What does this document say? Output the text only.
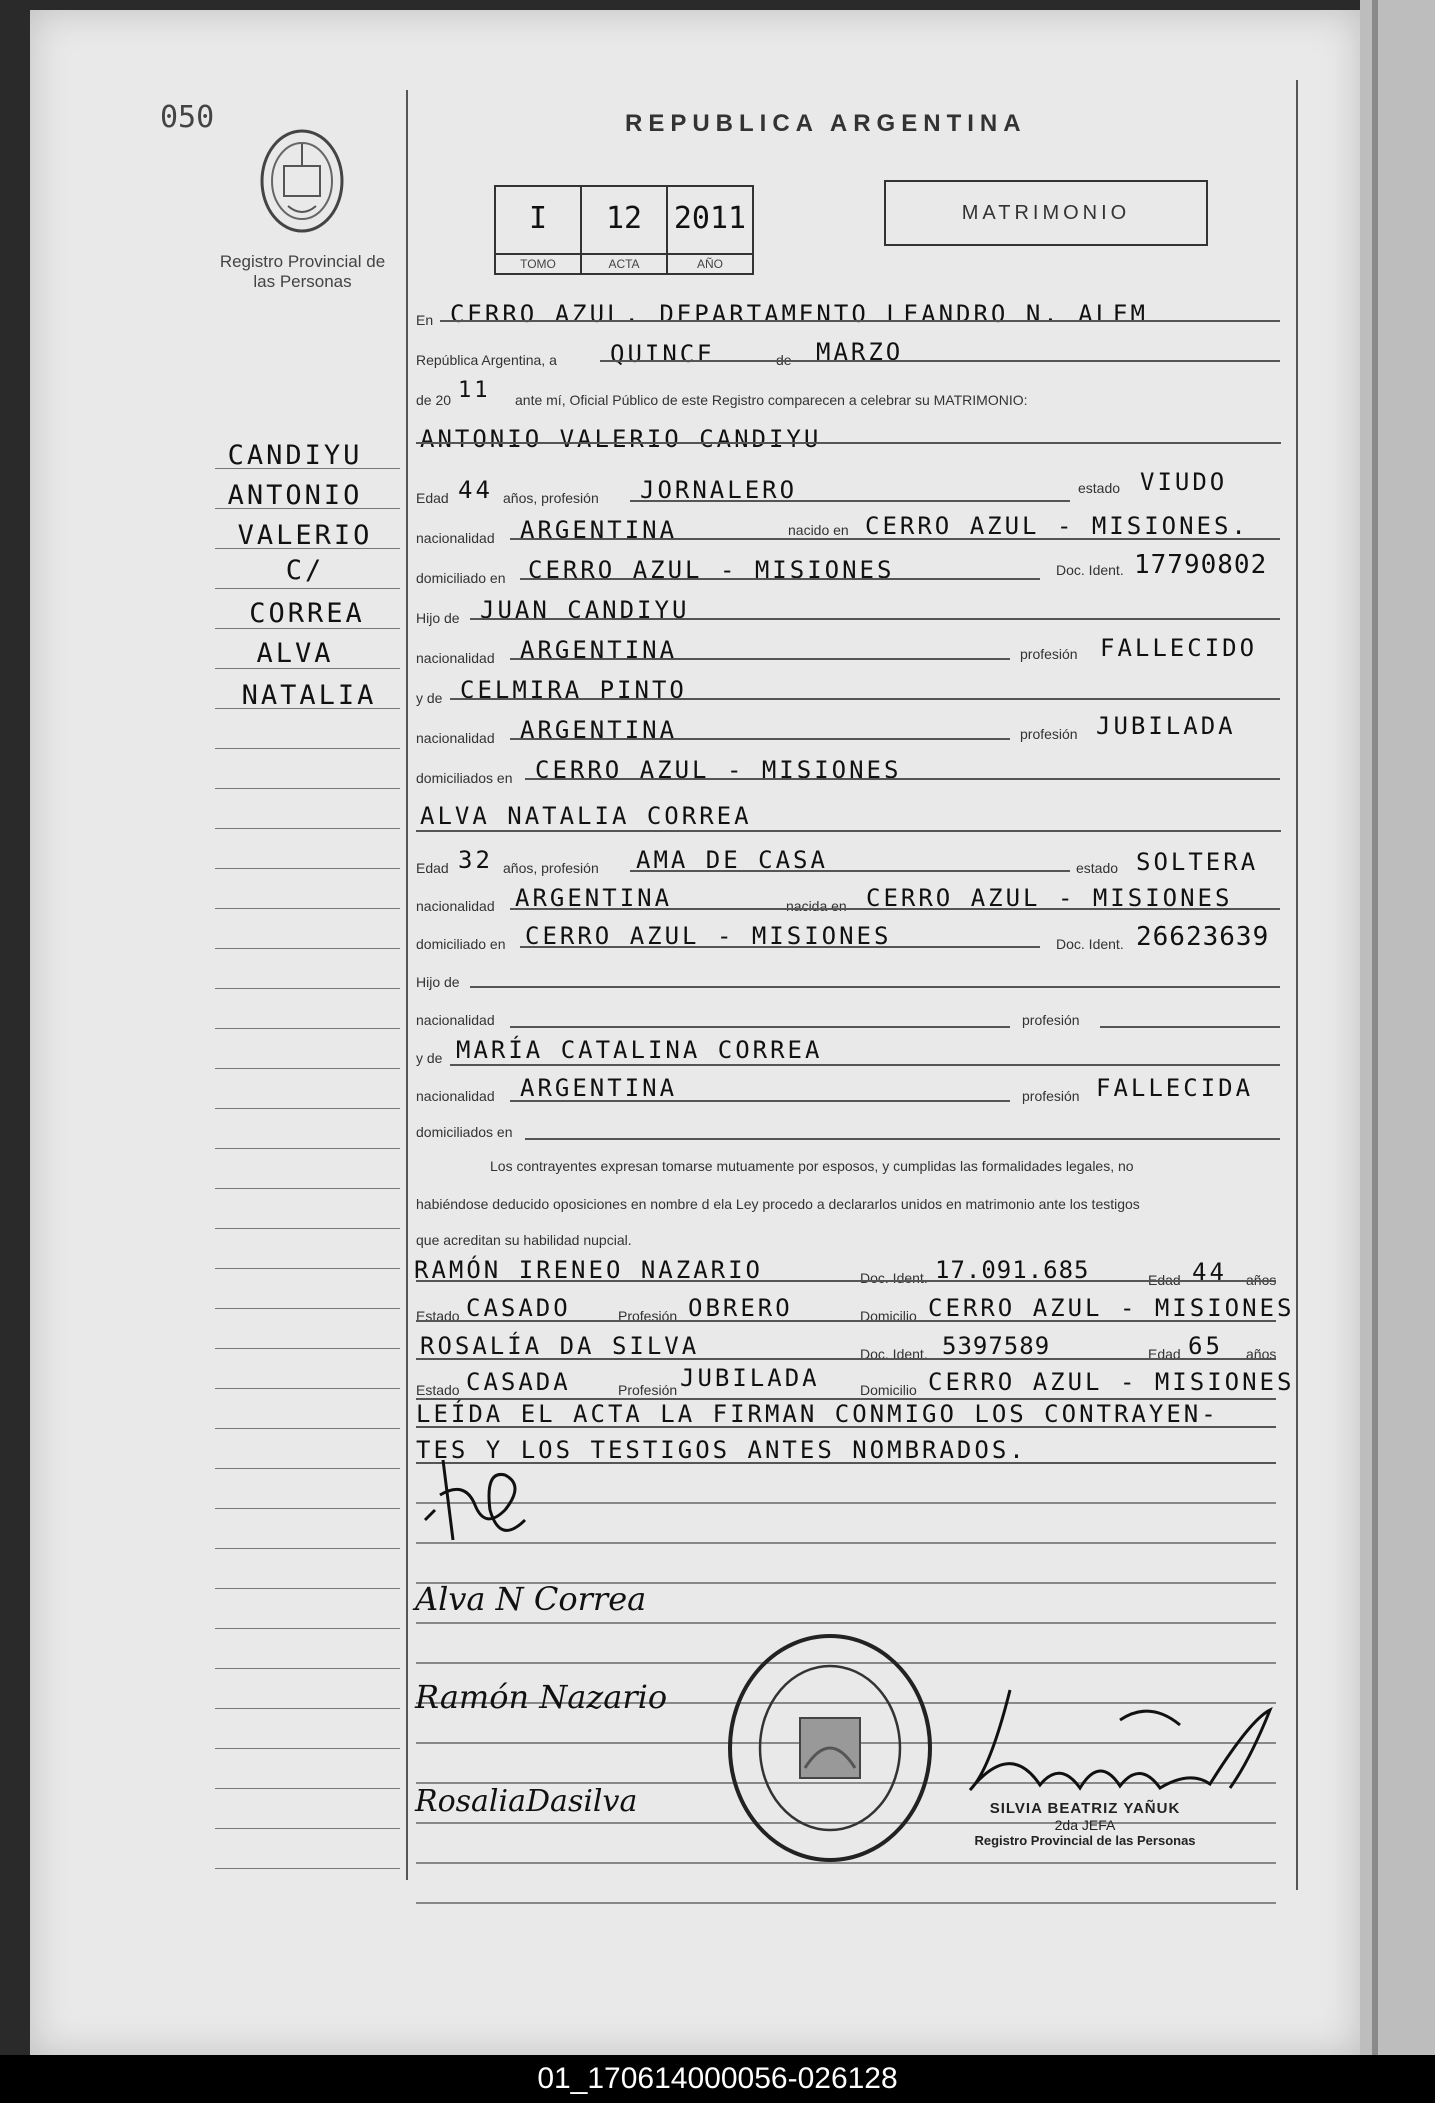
050	REPUBLICA ARGENTINA
Registro Provincial de las Personas
I
TOMO
12
ACTA
2011
AÑO
MATRIMONIO
CANDIYU
ANTONIO
VALERIO
C/
CORREA
ALVA
NATALIA
En CERRO AZUL. DEPARTAMENTO LEANDRO N. ALEM
República Argentina, a QUINCE	de MARZO
de 20 11 ante mí, Oficial Público de este Registro comparecen a celebrar su MATRIMONIO:
ANTONIO VALERIO CANDIYU
Edad 44 años, profesión JORNALERO	estado VIUDO
nacionalidad ARGENTINA	nacido en CERRO AZUL - MISIONES.
domiciliado en CERRO AZUL - MISIONES	Doc. Ident. 17790802
Hijo de JUAN CANDIYU
nacionalidad ARGENTINA	profesión FALLECIDO
y de CELMIRA PINTO
nacionalidad ARGENTINA	profesión JUBILADA
domiciliados en CERRO AZUL - MISIONES
ALVA NATALIA CORREA
Edad 32 años, profesión AMA DE CASA	estado SOLTERA
nacionalidad ARGENTINA	nacida en CERRO AZUL - MISIONES
domiciliado en CERRO AZUL - MISIONES	Doc. Ident. 26623639
Hijo de
nacionalidad	profesión
y de MARÍA CATALINA CORREA
nacionalidad ARGENTINA	profesión FALLECIDA
domiciliados en
Los contrayentes expresan tomarse mutuamente por esposos, y cumplidas las formalidades legales, no
habiéndose deducido oposiciones en nombre d ela Ley procedo a declararlos unidos en matrimonio ante los testigos
que acreditan su habilidad nupcial.
RAMÓN IRENEO NAZARIO	Doc. Ident. 17.091.685	Edad 44 años
Estado CASADO	Profesión OBRERO	Domicilio CERRO AZUL - MISIONES
ROSALÍA DA SILVA	Doc. Ident. 5397589	Edad 65 años
Estado CASADA	Profesión JUBILADA	Domicilio CERRO AZUL - MISIONES
LEÍDA EL ACTA LA FIRMAN CONMIGO LOS CONTRAYEN-
TES Y LOS TESTIGOS ANTES NOMBRADOS.
Alva N Correa
Ramón Nazario
RosaliaDasilva	SILVIA BEATRIZ YAÑUK
2da JEFA
Registro Provincial de las Personas
01_170614000056-026128
